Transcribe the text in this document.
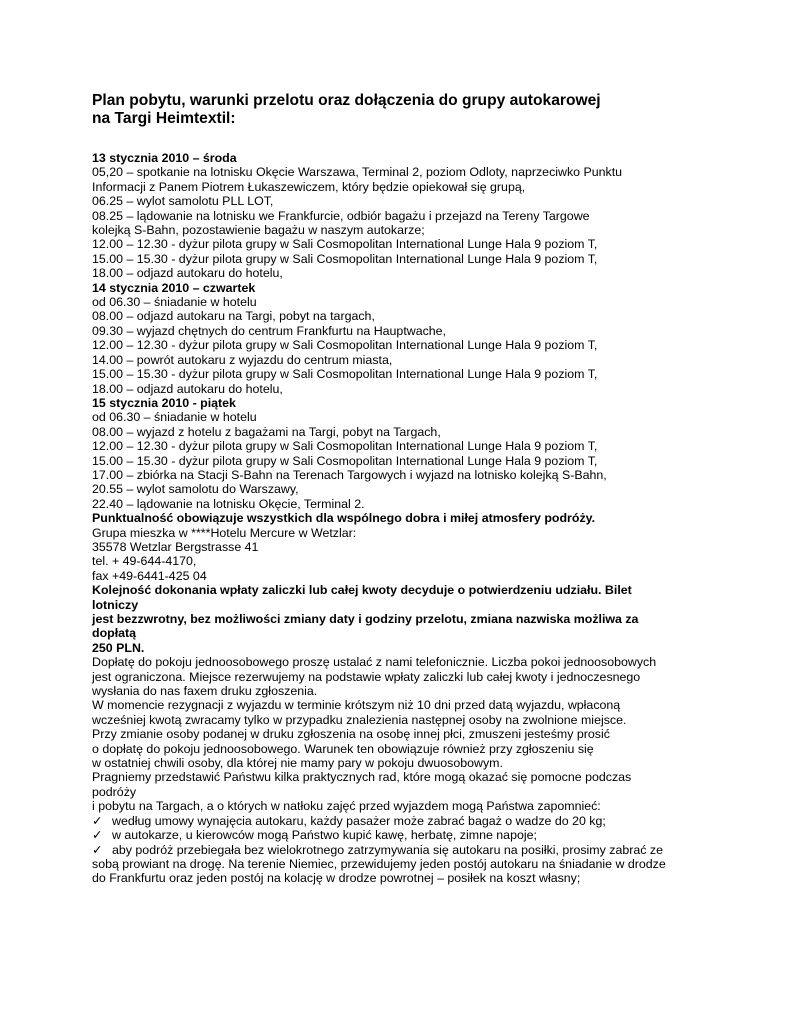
Plan pobytu, warunki przelotu oraz dołączenia do grupy autokarowej
na Targi Heimtextil:
13 stycznia 2010 – środa
05,20 – spotkanie na lotnisku Okęcie Warszawa, Terminal 2, poziom Odloty, naprzeciwko Punktu
Informacji z Panem Piotrem Łukaszewiczem, który będzie opiekował się grupą,
06.25 – wylot samolotu PLL LOT,
08.25 – lądowanie na lotnisku we Frankfurcie, odbiór bagażu i przejazd na Tereny Targowe
kolejką S-Bahn, pozostawienie bagażu w naszym autokarze;
12.00 – 12.30 - dyżur pilota grupy w Sali Cosmopolitan International Lunge Hala 9 poziom T,
15.00 – 15.30 - dyżur pilota grupy w Sali Cosmopolitan International Lunge Hala 9 poziom T,
18.00 – odjazd autokaru do hotelu,
14 stycznia 2010 – czwartek
od 06.30 – śniadanie w hotelu
08.00 – odjazd autokaru na Targi, pobyt na targach,
09.30 – wyjazd chętnych do centrum Frankfurtu na Hauptwache,
12.00 – 12.30 - dyżur pilota grupy w Sali Cosmopolitan International Lunge Hala 9 poziom T,
14.00 – powrót autokaru z wyjazdu do centrum miasta,
15.00 – 15.30 - dyżur pilota grupy w Sali Cosmopolitan International Lunge Hala 9 poziom T,
18.00 – odjazd autokaru do hotelu,
15 stycznia 2010 - piątek
od 06.30 – śniadanie w hotelu
08.00 – wyjazd z hotelu z bagażami na Targi, pobyt na Targach,
12.00 – 12.30 - dyżur pilota grupy w Sali Cosmopolitan International Lunge Hala 9 poziom T,
15.00 – 15.30 - dyżur pilota grupy w Sali Cosmopolitan International Lunge Hala 9 poziom T,
17.00 – zbiórka na Stacji S-Bahn na Terenach Targowych i wyjazd na lotnisko kolejką S-Bahn,
20.55 – wylot samolotu do Warszawy,
22.40 – lądowanie na lotnisku Okęcie, Terminal 2.
Punktualność obowiązuje wszystkich dla wspólnego dobra i miłej atmosfery podróży.
Grupa mieszka w ****Hotelu Mercure w Wetzlar:
35578 Wetzlar Bergstrasse 41
tel. + 49-644-4170,
fax +49-6441-425 04
Kolejność dokonania wpłaty zaliczki lub całej kwoty decyduje o potwierdzeniu udziału. Bilet
lotniczy
jest bezzwrotny, bez możliwości zmiany daty i godziny przelotu, zmiana nazwiska możliwa za
dopłatą
250 PLN.
Dopłatę do pokoju jednoosobowego proszę ustalać z nami telefonicznie. Liczba pokoi jednoosobowych
jest ograniczona. Miejsce rezerwujemy na podstawie wpłaty zaliczki lub całej kwoty i jednoczesnego
wysłania do nas faxem druku zgłoszenia.
W momencie rezygnacji z wyjazdu w terminie krótszym niż 10 dni przed datą wyjazdu, wpłaconą
wcześniej kwotą zwracamy tylko w przypadku znalezienia następnej osoby na zwolnione miejsce.
Przy zmianie osoby podanej w druku zgłoszenia na osobę innej płci, zmuszeni jesteśmy prosić
o dopłatę do pokoju jednoosobowego. Warunek ten obowiązuje również przy zgłoszeniu się
w ostatniej chwili osoby, dla której nie mamy pary w pokoju dwuosobowym.
Pragniemy przedstawić Państwu kilka praktycznych rad, które mogą okazać się pomocne podczas
podróży
i pobytu na Targach, a o których w natłoku zajęć przed wyjazdem mogą Państwa zapomnieć:
✓ według umowy wynajęcia autokaru, każdy pasażer może zabrać bagaż o wadze do 20 kg;
✓ w autokarze, u kierowców mogą Państwo kupić kawę, herbatę, zimne napoje;
✓ aby podróż przebiegała bez wielokrotnego zatrzymywania się autokaru na posiłki, prosimy zabrać ze
sobą prowiant na drogę. Na terenie Niemiec, przewidujemy jeden postój autokaru na śniadanie w drodze
do Frankfurtu oraz jeden postój na kolację w drodze powrotnej – posiłek na koszt własny;
